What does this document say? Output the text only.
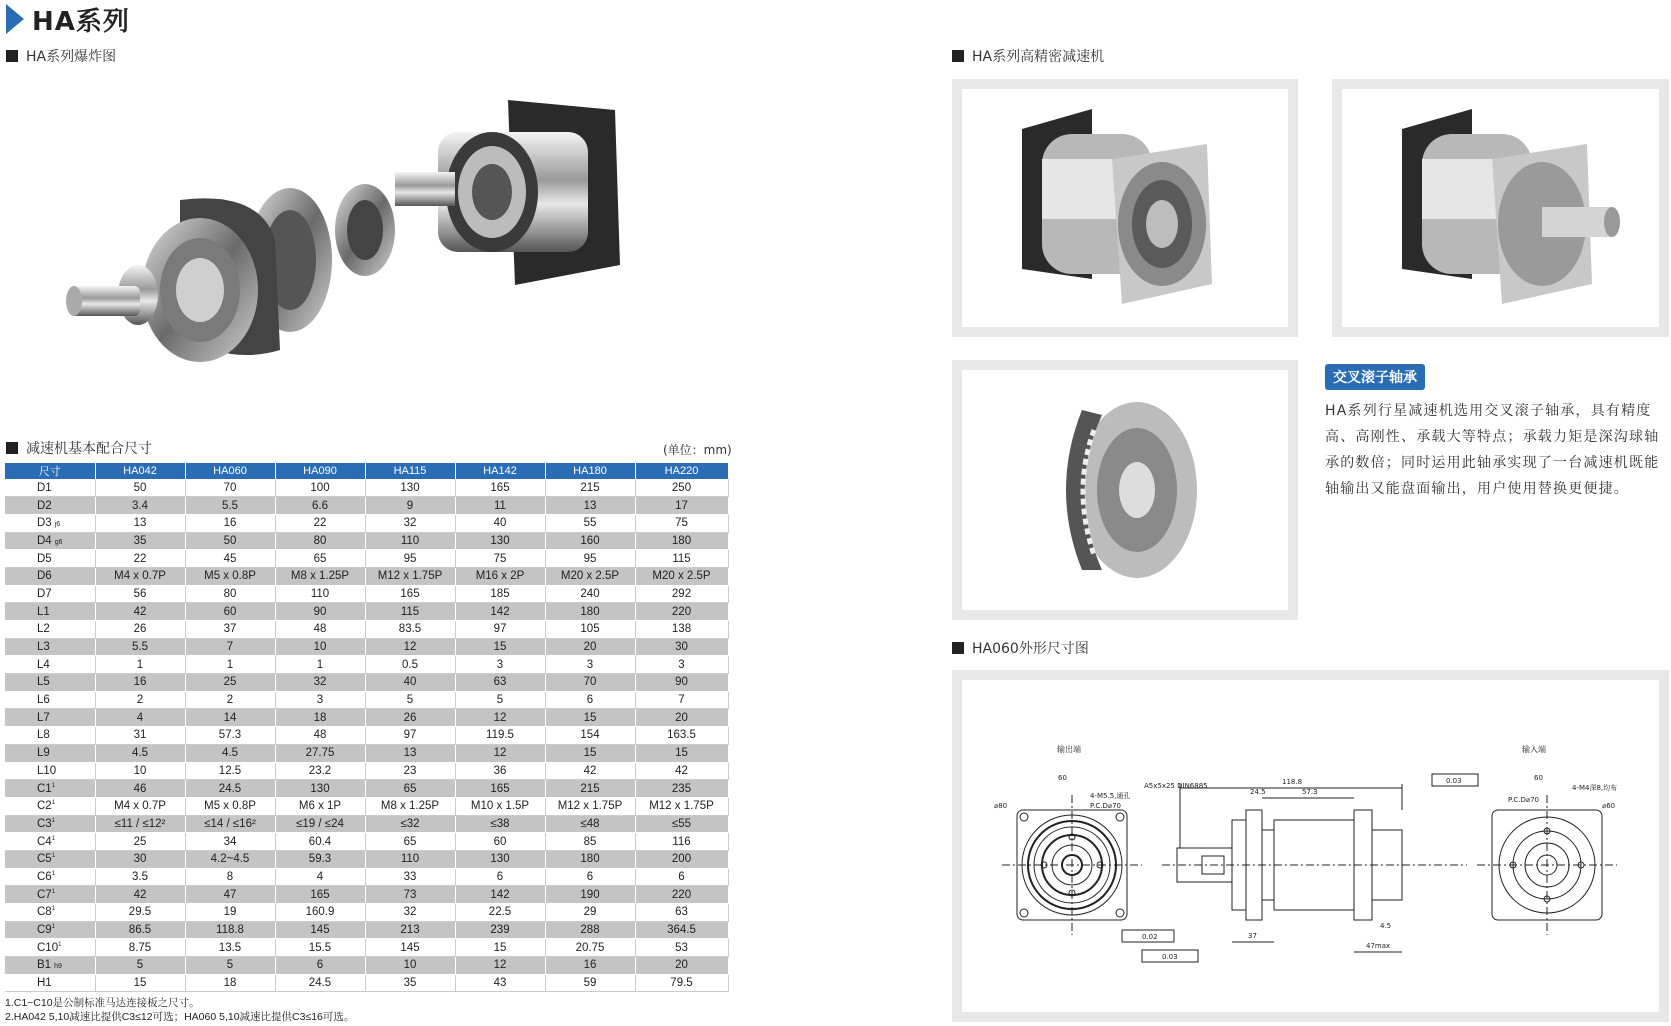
HA系列
HA系列爆炸图	HA系列高精密减速机
交叉滚子轴承
HA系列行星减速机选用交叉滚子轴承，具有精度高、高刚性、承载大等特点；承载力矩是深沟球轴承的数倍；同时运用此轴承实现了一台减速机既能轴输出又能盘面输出，用户使用替换更便捷。
减速机基本配合尺寸	(单位：mm)
尺寸	HA042	HA060	HA090	HA115	HA142	HA180	HA220
D1	50	70	100	130	165	215	250
D2	3.4	5.5	6.6	9	11	13	17
D3 j6	13	16	22	32	40	55	75
D4 g6	35	50	80	110	130	160	180
D5	22	45	65	95	75	95	115
D6	M4 x 0.7P	M5 x 0.8P	M8 x 1.25P	M12 x 1.75P	M16 x 2P	M20 x 2.5P	M20 x 2.5P
D7	56	80	110	165	185	240	292
L1	42	60	90	115	142	180	220
L2	26	37	48	83.5	97	105	138
L3	5.5	7	10	12	15	20	30
L4	1	1	1	0.5	3	3	3
L5	16	25	32	40	63	70	90
L6	2	2	3	5	5	6	7
L7	4	14	18	26	12	15	20
L8	31	57.3	48	97	119.5	154	163.5
L9	4.5	4.5	27.75	13	12	15	15
L10	10	12.5	23.2	23	36	42	42
$C1^1$	46	24.5	130	65	165	215	235
$C2^1$	M4 x 0.7P	M5 x 0.8P	M6 x 1P	M8 x 1.25P	M10 x 1.5P	M12 x 1.75P	M12 x 1.75P
$C3^1$	≤11 / ≤12²	≤14 / ≤16²	≤19 / ≤24	≤32	≤38	≤48	≤55
$C4^1$	25	34	60.4	65	60	85	116
$C5^1$	30	4.2~4.5	59.3	110	130	180	200
$C6^1$	3.5	8	4	33	6	6	6
$C7^1$	42	47	165	73	142	190	220
$C8^1$	29.5	19	160.9	32	22.5	29	63
$C9^1$	86.5	118.8	145	213	239	288	364.5
$C10^1$	8.75	13.5	15.5	145	15	20.75	53
B1 h9	5	5	6	10	12	16	20
H1	15	18	24.5	35	43	59	79.5
1.C1~C10是公制标准马达连接板之尺寸。
2.HA042 5,10减速比提供C3≤12可选；HA060 5,10减速比提供C3≤16可选。
HA060外形尺寸图
输出端	输入端
118.8
24.5	57.3
37
47max
4.5
0.03
0.02
0.03
A5x5x25 DIN6885
P.C.D⌀70
P.C.D⌀70
4-M5.5,通孔
4-M4深8,均布
60	60
⌀80	⌀60
